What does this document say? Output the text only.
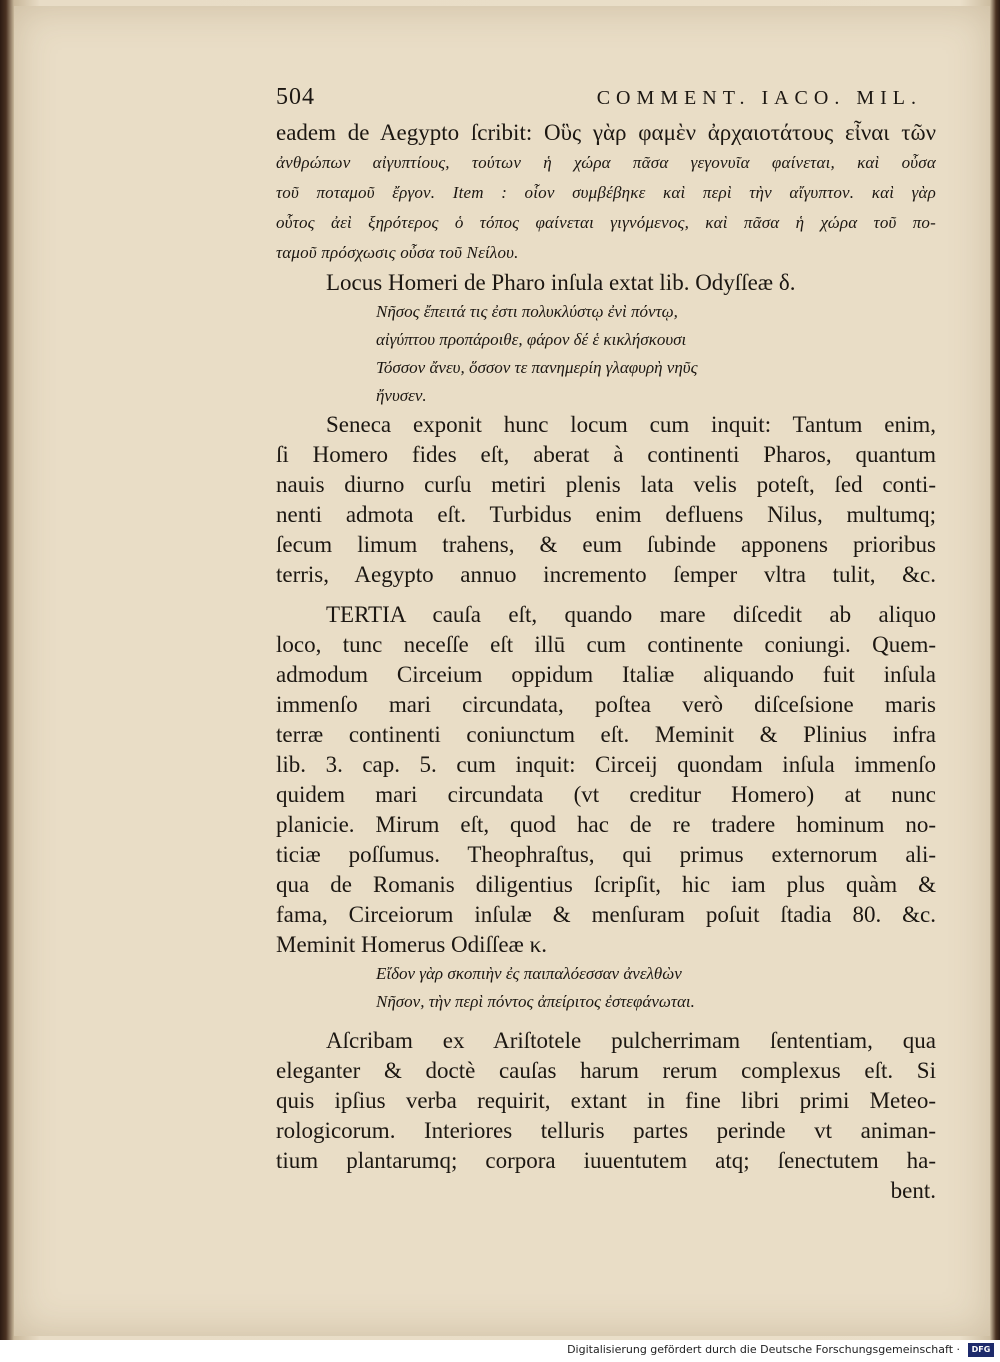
504	COMMENT. IACO. MIL.
eadem de Aegypto ſcribit: Οὓς γὰρ φαμὲν ἀρχαιοτάτους εἶναι τῶν
ἀνθρώπων αἰγυπτίους, τούτων ἡ χώρα πᾶσα γεγονυῖα φαίνεται, καὶ οὖσα
τοῦ ποταμοῦ ἔργον. Item : οἷον συμβέβηκε καὶ περὶ τὴν αἴγυπτον. καὶ γὰρ
οὗτος ἀεὶ ξηρότερος ὁ τόπος φαίνεται γιγνόμενος, καὶ πᾶσα ἡ χώρα τοῦ πο-
ταμοῦ πρόσχωσις οὖσα τοῦ Νείλου.
Locus Homeri de Pharo inſula extat lib. Odyſſeæ δ.
Νῆσος ἔπειτά τις ἐστι πολυκλύστῳ ἐνὶ πόντῳ,
αἰγύπτου προπάροιθε, φάρον δέ ἑ κικλήσκουσι
Τόσσον ἄνευ, ὅσσον τε πανημερίη γλαφυρὴ νηῦς
ἤνυσεν.
Seneca exponit hunc locum cum inquit: Tantum enim,
ſi Homero fides eſt, aberat à continenti Pharos, quantum
nauis diurno curſu metiri plenis lata velis poteſt, ſed conti-
nenti admota eſt. Turbidus enim defluens Nilus, multumq;
ſecum limum trahens, & eum ſubinde apponens prioribus
terris, Aegypto annuo incremento ſemper vltra tulit, &c.
TERTIA cauſa eſt, quando mare diſcedit ab aliquo
loco, tunc neceſſe eſt illū cum continente coniungi. Quem-
admodum Circeium oppidum Italiæ aliquando fuit inſula
immenſo mari circundata, poſtea verò diſceſsione maris
terræ continenti coniunctum eſt. Meminit & Plinius infra
lib. 3. cap. 5. cum inquit: Circeij quondam inſula immenſo
quidem mari circundata (vt creditur Homero) at nunc
planicie. Mirum eſt, quod hac de re tradere hominum no-
ticiæ poſſumus. Theophraſtus, qui primus externorum ali-
qua de Romanis diligentius ſcripſit, hic iam plus quàm &
fama, Circeiorum inſulæ & menſuram poſuit ſtadia 80. &c.
Meminit Homerus Odiſſeæ κ.
Εἴδον γὰρ σκοπιὴν ἐς παιπαλόεσσαν ἀνελθὼν
Νῆσον, τὴν περὶ πόντος ἀπείριτος ἐστεφάνωται.
Aſcribam ex Ariſtotele pulcherrimam ſententiam, qua
eleganter & doctè cauſas harum rerum complexus eſt. Si
quis ipſius verba requirit, extant in fine libri primi Meteo-
rologicorum. Interiores telluris partes perinde vt animan-
tium plantarumq; corpora iuuentutem atq; ſenectutem ha-
bent.
Digitalisierung gefördert durch die Deutsche Forschungsgemeinschaft ·	DFG
